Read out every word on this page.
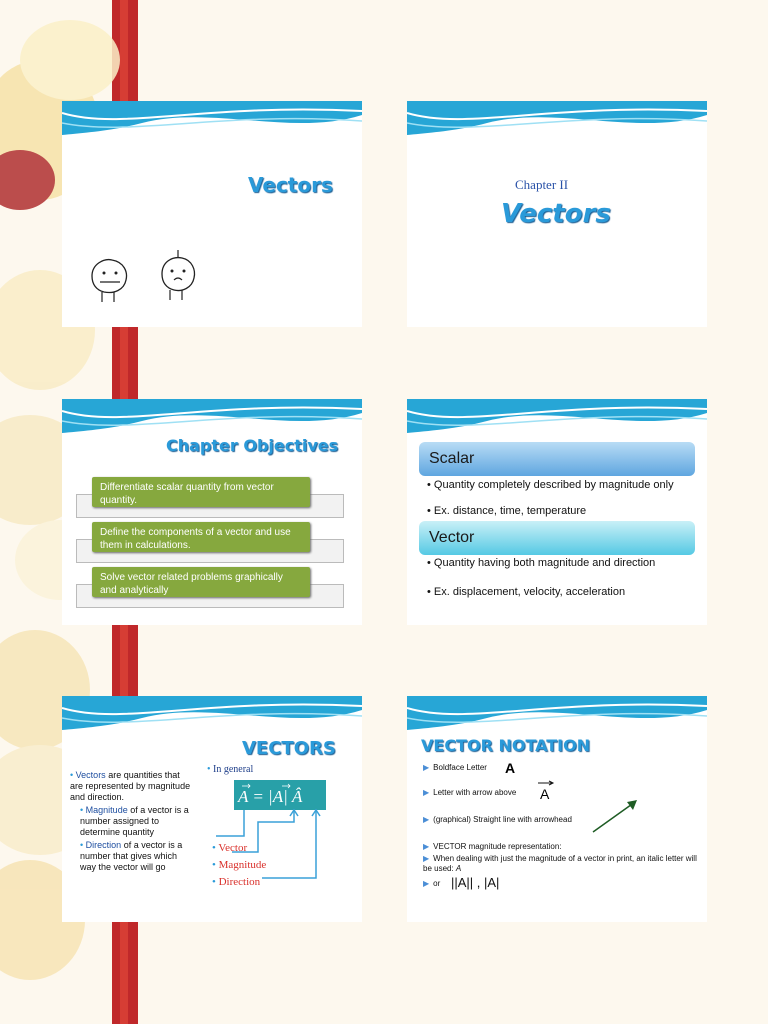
Vectors	Chapter II
Vectors
Chapter Objectives
Differentiate scalar quantity from vector quantity.
Define the components of a vector and use them in calculations.
Solve vector related problems graphically and analytically
Scalar
• Quantity completely described by magnitude only
• Ex. distance, time, temperature
Vector
• Quantity having both magnitude and direction
• Ex. displacement, velocity, acceleration
VECTORS
• Vectors are quantities that are represented by magnitude and direction.
• Magnitude of a vector is a number assigned to determine quantity
• Direction of a vector is a number that gives which way the vector will go
• In general
A = |A| Â
• Vector
• Magnitude
• Direction
VECTOR NOTATION
▶ Boldface Letter A
▶ Letter with arrow above A
▶ (graphical) Straight line with arrowhead
▶ VECTOR magnitude representation:
▶ When dealing with just the magnitude of a vector in print, an italic letter will be used: A
▶ or ||A|| , |A|
